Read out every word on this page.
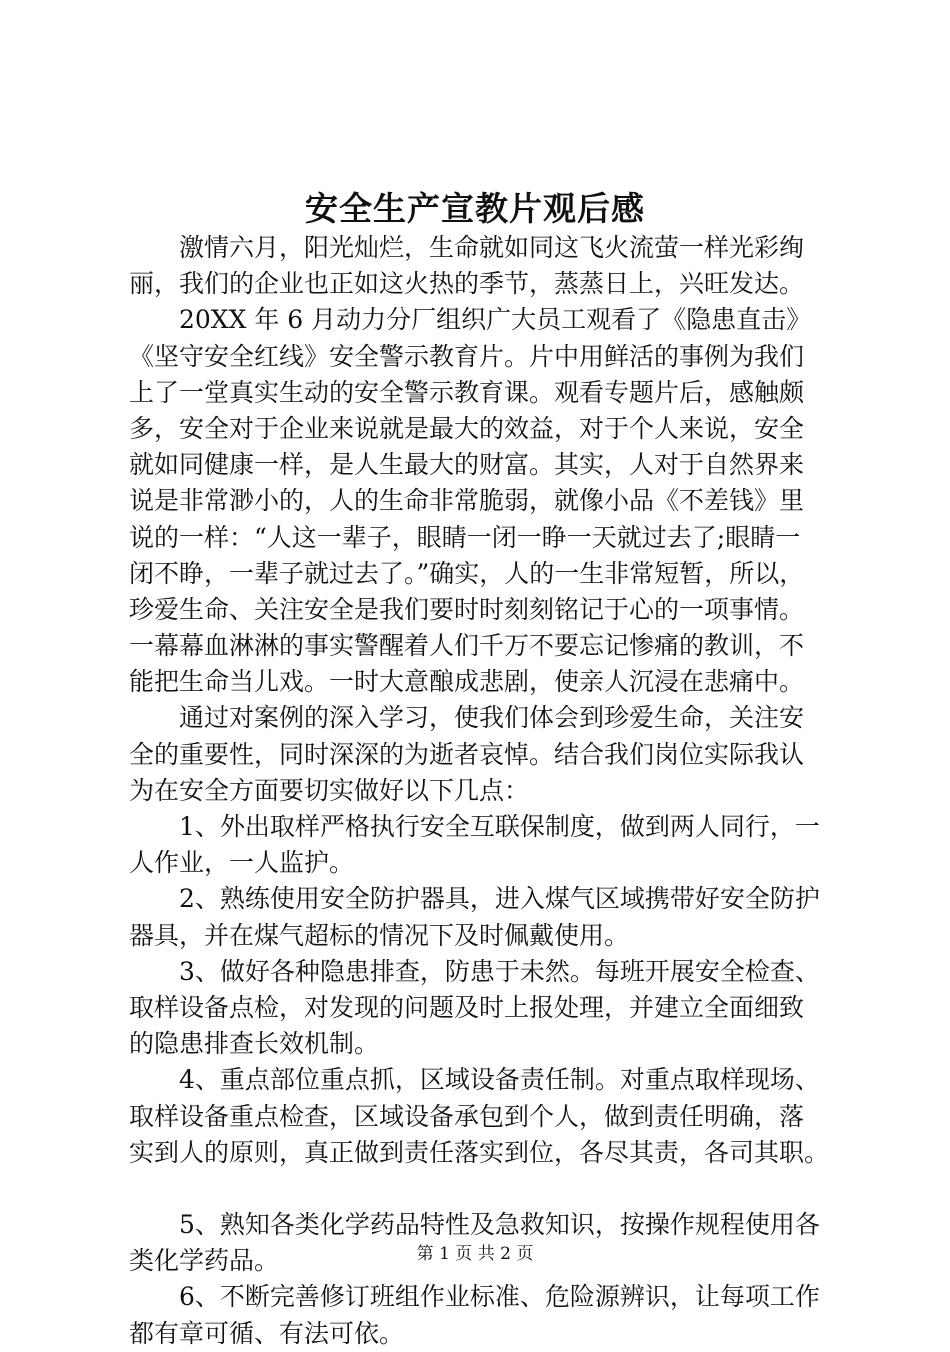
安全生产宣教片观后感
激情六月，阳光灿烂，生命就如同这飞火流萤一样光彩绚
丽，我们的企业也正如这火热的季节，蒸蒸日上，兴旺发达。
20XX 年 6 月动力分厂组织广大员工观看了《隐患直击》
《坚守安全红线》安全警示教育片。片中用鲜活的事例为我们
上了一堂真实生动的安全警示教育课。观看专题片后，感触颇
多，安全对于企业来说就是最大的效益，对于个人来说，安全
就如同健康一样，是人生最大的财富。其实，人对于自然界来
说是非常渺小的，人的生命非常脆弱，就像小品《不差钱》里
说的一样：“人这一辈子，眼睛一闭一睁一天就过去了;眼睛一
闭不睁，一辈子就过去了。”确实，人的一生非常短暂，所以，
珍爱生命、关注安全是我们要时时刻刻铭记于心的一项事情。
一幕幕血淋淋的事实警醒着人们千万不要忘记惨痛的教训，不
能把生命当儿戏。一时大意酿成悲剧，使亲人沉浸在悲痛中。
通过对案例的深入学习，使我们体会到珍爱生命，关注安
全的重要性，同时深深的为逝者哀悼。结合我们岗位实际我认
为在安全方面要切实做好以下几点：
1、外出取样严格执行安全互联保制度，做到两人同行，一
人作业，一人监护。
2、熟练使用安全防护器具，进入煤气区域携带好安全防护
器具，并在煤气超标的情况下及时佩戴使用。
3、做好各种隐患排查，防患于未然。每班开展安全检查、
取样设备点检，对发现的问题及时上报处理，并建立全面细致
的隐患排查长效机制。
4、重点部位重点抓，区域设备责任制。对重点取样现场、
取样设备重点检查，区域设备承包到个人，做到责任明确，落
实到人的原则，真正做到责任落实到位，各尽其责，各司其职。
5、熟知各类化学药品特性及急救知识，按操作规程使用各
类化学药品。
6、不断完善修订班组作业标准、危险源辨识，让每项工作
都有章可循、有法可依。
第 1 页 共 2 页
